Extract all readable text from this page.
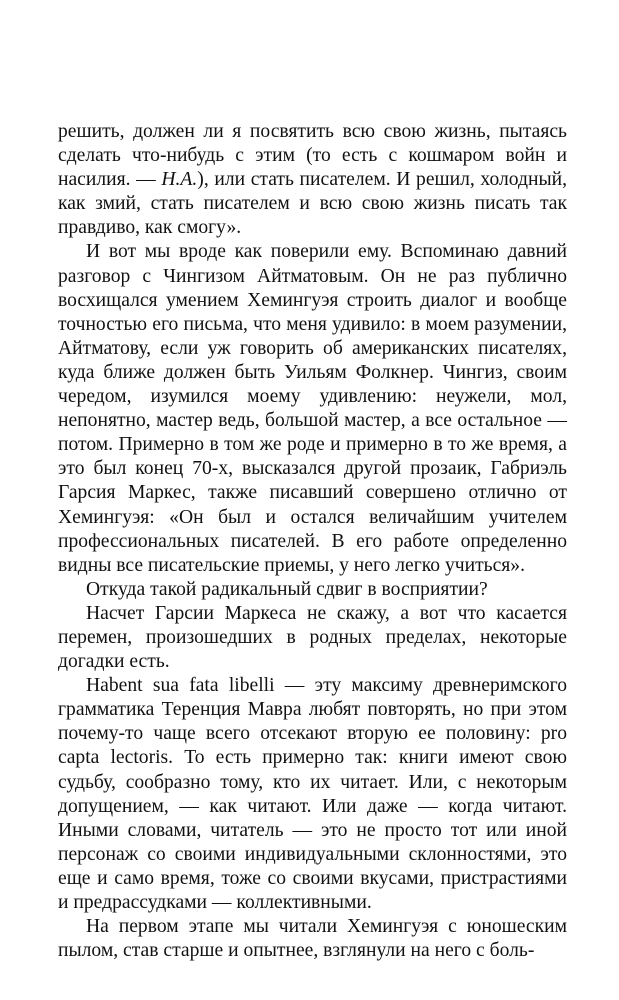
решить, должен ли я посвятить всю свою жизнь, пытаясь сделать что-нибудь с этим (то есть с кошмаром войн и насилия. — Н.А.), или стать писателем. И решил, холодный, как змий, стать писателем и всю свою жизнь писать так правдиво, как смогу».

И вот мы вроде как поверили ему. Вспоминаю давний разговор с Чингизом Айтматовым. Он не раз публично восхищался умением Хемингуэя строить диалог и вообще точностью его письма, что меня удивило: в моем разумении, Айтматову, если уж говорить об американских писателях, куда ближе должен быть Уильям Фолкнер. Чингиз, своим чередом, изумился моему удивлению: неужели, мол, непонятно, мастер ведь, большой мастер, а все остальное — потом. Примерно в том же роде и примерно в то же время, а это был конец 70-х, высказался другой прозаик, Габриэль Гарсия Маркес, также писавший совершено отлично от Хемингуэя: «Он был и остался величайшим учителем профессиональных писателей. В его работе определенно видны все писательские приемы, у него легко учиться».

Откуда такой радикальный сдвиг в восприятии?

Насчет Гарсии Маркеса не скажу, а вот что касается перемен, произошедших в родных пределах, некоторые догадки есть.

Habent sua fata libelli — эту максиму древнеримского грамматика Теренция Мавра любят повторять, но при этом почему-то чаще всего отсекают вторую ее половину: pro capta lectoris. То есть примерно так: книги имеют свою судьбу, сообразно тому, кто их читает. Или, с некоторым допущением, — как читают. Или даже — когда читают. Иными словами, читатель — это не просто тот или иной персонаж со своими индивидуальными склонностями, это еще и само время, тоже со своими вкусами, пристрастиями и предрассудками — коллективными.

На первом этапе мы читали Хемингуэя с юношеским пылом, став старше и опытнее, взглянули на него с боль-
